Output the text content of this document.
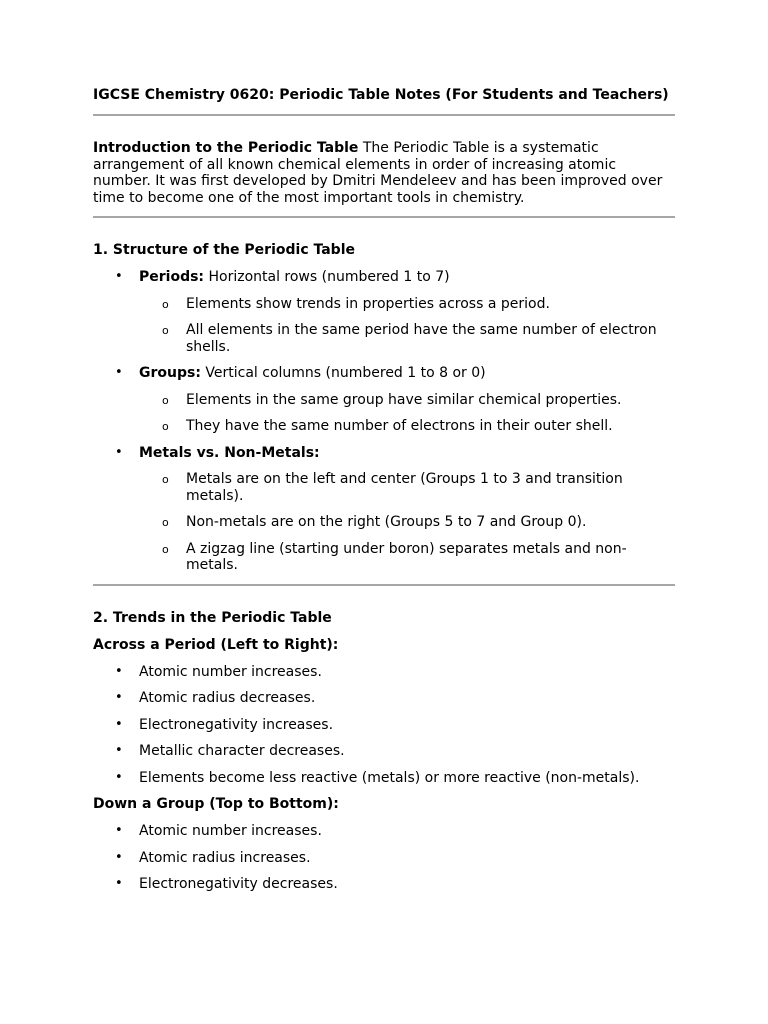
IGCSE Chemistry 0620: Periodic Table Notes (For Students and Teachers)

Introduction to the Periodic Table The Periodic Table is a systematic arrangement of all known chemical elements in order of increasing atomic number. It was first developed by Dmitri Mendeleev and has been improved over time to become one of the most important tools in chemistry.

1. Structure of the Periodic Table
• Periods: Horizontal rows (numbered 1 to 7)
o Elements show trends in properties across a period.
o All elements in the same period have the same number of electron shells.
• Groups: Vertical columns (numbered 1 to 8 or 0)
o Elements in the same group have similar chemical properties.
o They have the same number of electrons in their outer shell.
• Metals vs. Non-Metals:
o Metals are on the left and center (Groups 1 to 3 and transition metals).
o Non-metals are on the right (Groups 5 to 7 and Group 0).
o A zigzag line (starting under boron) separates metals and non-metals.
2. Trends in the Periodic Table
Across a Period (Left to Right):
• Atomic number increases.
• Atomic radius decreases.
• Electronegativity increases.
• Metallic character decreases.
• Elements become less reactive (metals) or more reactive (non-metals).
Down a Group (Top to Bottom):
• Atomic number increases.
• Atomic radius increases.
• Electronegativity decreases.
